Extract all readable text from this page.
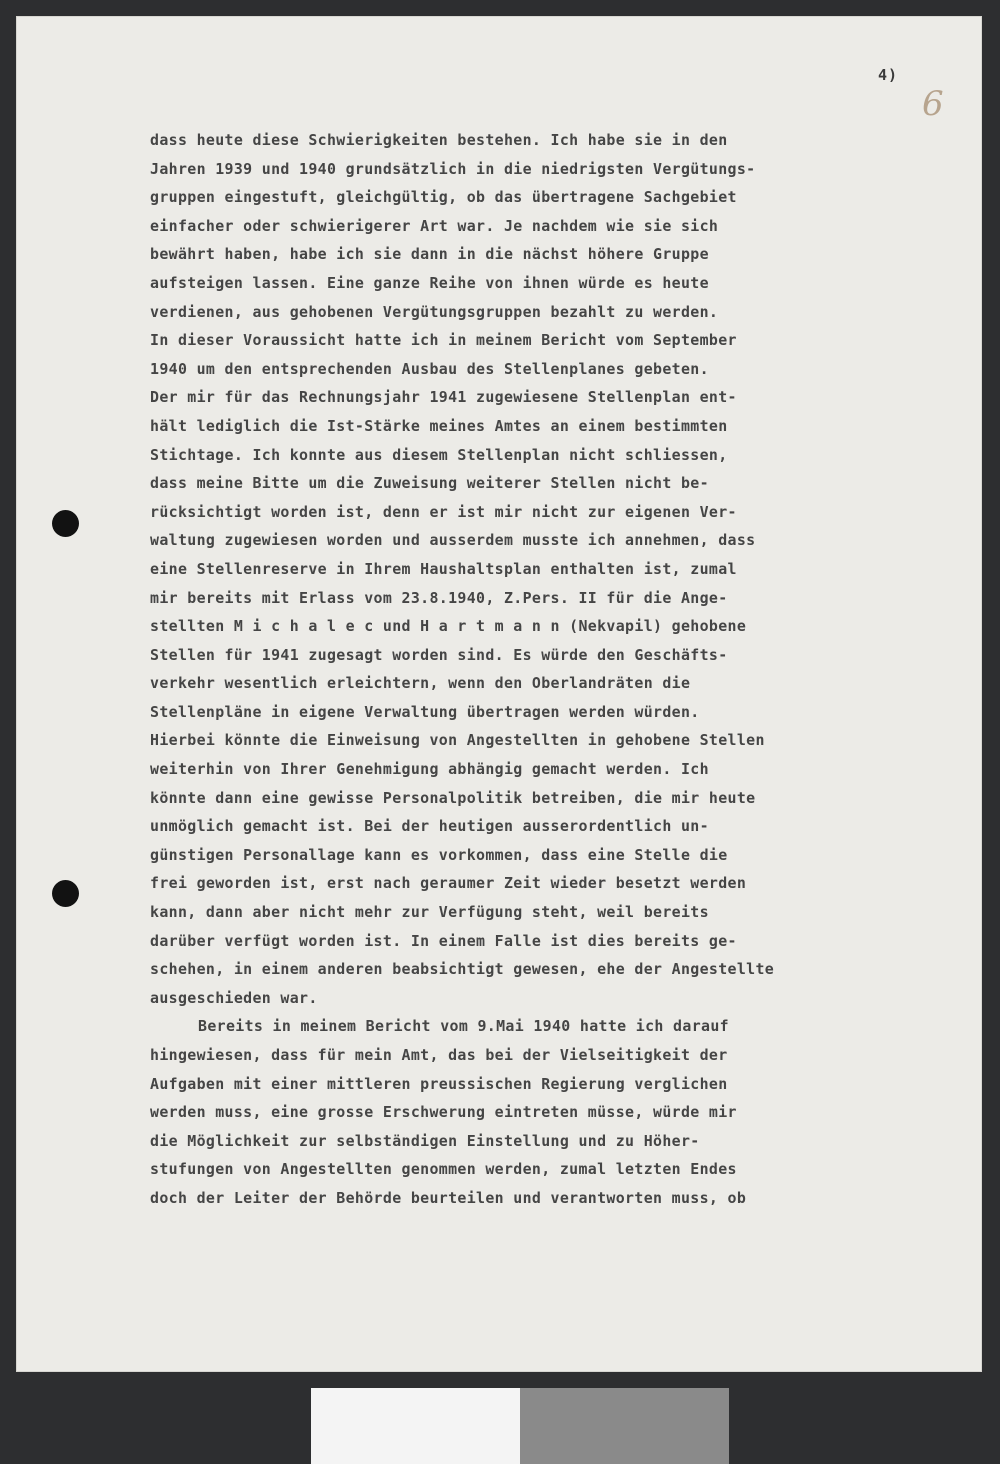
4)
6
dass heute diese Schwierigkeiten bestehen. Ich habe sie in den
Jahren 1939 und 1940 grundsätzlich in die niedrigsten Vergütungs-
gruppen eingestuft, gleichgültig, ob das übertragene Sachgebiet
einfacher oder schwierigerer Art war. Je nachdem wie sie sich
bewährt haben, habe ich sie dann in die nächst höhere Gruppe
aufsteigen lassen. Eine ganze Reihe von ihnen würde es heute
verdienen, aus gehobenen Vergütungsgruppen bezahlt zu werden.
In dieser Voraussicht hatte ich in meinem Bericht vom September
1940 um den entsprechenden Ausbau des Stellenplanes gebeten.
Der mir für das Rechnungsjahr 1941 zugewiesene Stellenplan ent-
hält lediglich die Ist-Stärke meines Amtes an einem bestimmten
Stichtage. Ich konnte aus diesem Stellenplan nicht schliessen,
dass meine Bitte um die Zuweisung weiterer Stellen nicht be-
rücksichtigt worden ist, denn er ist mir nicht zur eigenen Ver-
waltung zugewiesen worden und ausserdem musste ich annehmen, dass
eine Stellenreserve in Ihrem Haushaltsplan enthalten ist, zumal
mir bereits mit Erlass vom 23.8.1940, Z.Pers. II für die Ange-
stellten M i c h a l e c und H a r t m a n n (Nekvapil) gehobene
Stellen für 1941 zugesagt worden sind. Es würde den Geschäfts-
verkehr wesentlich erleichtern, wenn den Oberlandräten die
Stellenpläne in eigene Verwaltung übertragen werden würden.
Hierbei könnte die Einweisung von Angestellten in gehobene Stellen
weiterhin von Ihrer Genehmigung abhängig gemacht werden. Ich
könnte dann eine gewisse Personalpolitik betreiben, die mir heute
unmöglich gemacht ist. Bei der heutigen ausserordentlich un-
günstigen Personallage kann es vorkommen, dass eine Stelle die
frei geworden ist, erst nach geraumer Zeit wieder besetzt werden
kann, dann aber nicht mehr zur Verfügung steht, weil bereits
darüber verfügt worden ist. In einem Falle ist dies bereits ge-
schehen, in einem anderen beabsichtigt gewesen, ehe der Angestellte
ausgeschieden war.
Bereits in meinem Bericht vom 9.Mai 1940 hatte ich darauf
hingewiesen, dass für mein Amt, das bei der Vielseitigkeit der
Aufgaben mit einer mittleren preussischen Regierung verglichen
werden muss, eine grosse Erschwerung eintreten müsse, würde mir
die Möglichkeit zur selbständigen Einstellung und zu Höher-
stufungen von Angestellten genommen werden, zumal letzten Endes
doch der Leiter der Behörde beurteilen und verantworten muss, ob
